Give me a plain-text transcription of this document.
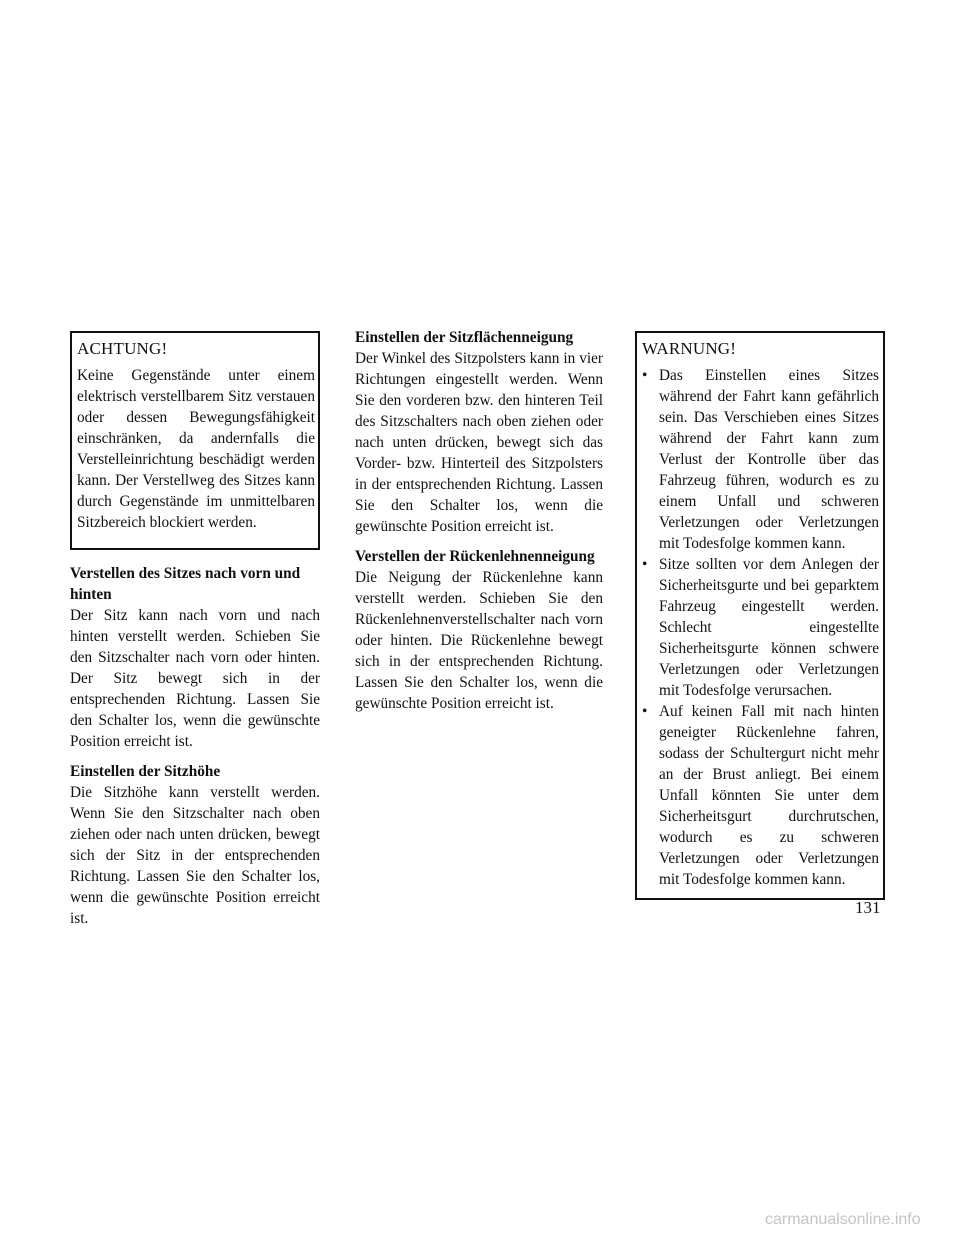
ACHTUNG!

Keine Gegenstände unter einem elektrisch verstellbarem Sitz verstauen oder dessen Bewegungsfähigkeit einschränken, da andernfalls die Verstelleinrichtung beschädigt werden kann. Der Verstellweg des Sitzes kann durch Gegenstände im unmittelbaren Sitzbereich blockiert werden.

Verstellen des Sitzes nach vorn und hinten

Der Sitz kann nach vorn und nach hinten verstellt werden. Schieben Sie den Sitzschalter nach vorn oder hinten. Der Sitz bewegt sich in der entsprechenden Richtung. Lassen Sie den Schalter los, wenn die gewünschte Position erreicht ist.

Einstellen der Sitzhöhe

Die Sitzhöhe kann verstellt werden. Wenn Sie den Sitzschalter nach oben ziehen oder nach unten drücken, bewegt sich der Sitz in der entsprechenden Richtung. Lassen Sie den Schalter los, wenn die gewünschte Position erreicht ist.

Einstellen der Sitzflächenneigung

Der Winkel des Sitzpolsters kann in vier Richtungen eingestellt werden. Wenn Sie den vorderen bzw. den hinteren Teil des Sitzschalters nach oben ziehen oder nach unten drücken, bewegt sich das Vorder- bzw. Hinterteil des Sitzpolsters in der entsprechenden Richtung. Lassen Sie den Schalter los, wenn die gewünschte Position erreicht ist.

Verstellen der Rückenlehnenneigung

Die Neigung der Rückenlehne kann verstellt werden. Schieben Sie den Rückenlehnenverstellschalter nach vorn oder hinten. Die Rückenlehne bewegt sich in der entsprechenden Richtung. Lassen Sie den Schalter los, wenn die gewünschte Position erreicht ist.

WARNUNG!
• Das Einstellen eines Sitzes während der Fahrt kann gefährlich sein. Das Verschieben eines Sitzes während der Fahrt kann zum Verlust der Kontrolle über das Fahrzeug führen, wodurch es zu einem Unfall und schweren Verletzungen oder Verletzungen mit Todesfolge kommen kann.
• Sitze sollten vor dem Anlegen der Sicherheitsgurte und bei geparktem Fahrzeug eingestellt werden. Schlecht eingestellte Sicherheitsgurte können schwere Verletzungen oder Verletzungen mit Todesfolge verursachen.
• Auf keinen Fall mit nach hinten geneigter Rückenlehne fahren, sodass der Schultergurt nicht mehr an der Brust anliegt. Bei einem Unfall könnten Sie unter dem Sicherheitsgurt durchrutschen, wodurch es zu schweren Verletzungen oder Verletzungen mit Todesfolge kommen kann.
131
carmanualsonline.info
